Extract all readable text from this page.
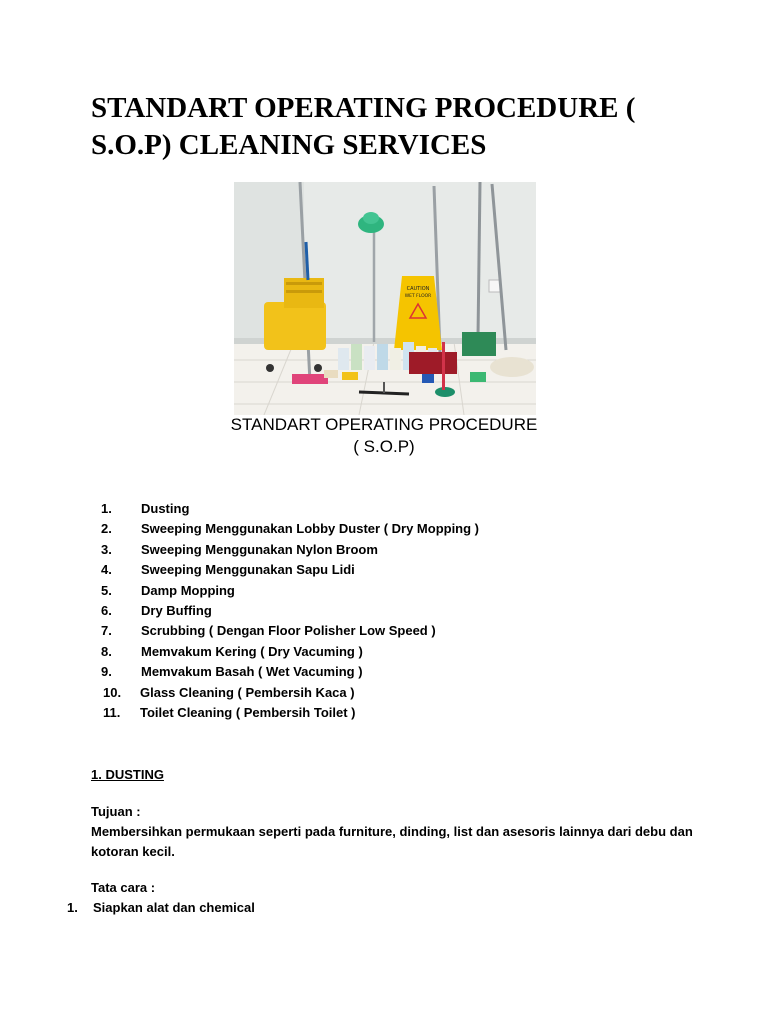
STANDART OPERATING PROCEDURE ( S.O.P) CLEANING SERVICES
CAUTION
WET FLOOR
STANDART OPERATING PROCEDURE
( S.O.P)
1. Dusting
2. Sweeping Menggunakan Lobby Duster ( Dry Mopping )
3. Sweeping Menggunakan Nylon Broom
4. Sweeping Menggunakan Sapu Lidi
5. Damp Mopping
6. Dry Buffing
7. Scrubbing ( Dengan Floor Polisher Low Speed )
8. Memvakum Kering ( Dry Vacuming )
9. Memvakum Basah ( Wet Vacuming )
10. Glass Cleaning ( Pembersih Kaca )
11. Toilet Cleaning ( Pembersih Toilet )
1. DUSTING
Tujuan :
Membersihkan permukaan seperti pada furniture, dinding, list dan asesoris lainnya dari debu dan kotoran kecil.
Tata cara :
1. Siapkan alat dan chemical
